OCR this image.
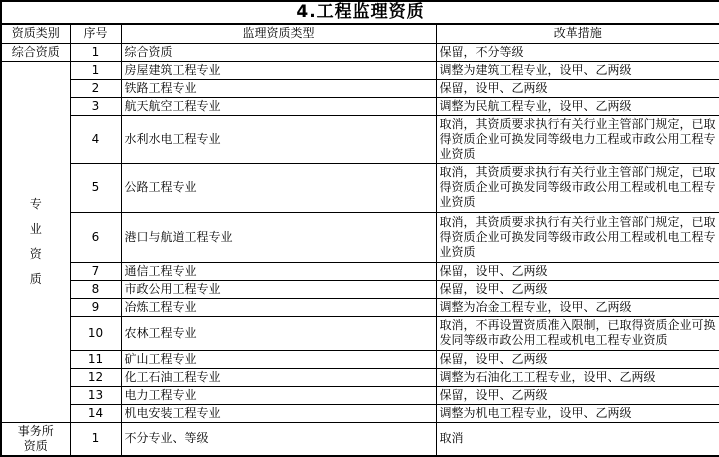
4.工程监理资质			
资质类别	序号	监理资质类型	改革措施
综合资质	1	综合资质	保留，不分等级

专业资质	1	房屋建筑工程专业	调整为建筑工程专业，设甲、乙两级
	2	铁路工程专业	保留，设甲、乙两级
	3	航天航空工程专业	调整为民航工程专业，设甲、乙两级
	4	水利水电工程专业	取消，其资质要求执行有关行业主管部门规定，已取得资质企业可换发同等级电力工程或市政公用工程专业资质
	5	公路工程专业	取消，其资质要求执行有关行业主管部门规定，已取得资质企业可换发同等级市政公用工程或机电工程专业资质
	6	港口与航道工程专业	取消，其资质要求执行有关行业主管部门规定，已取得资质企业可换发同等级市政公用工程或机电工程专业资质
	7	通信工程专业	保留，设甲、乙两级
	8	市政公用工程专业	保留，设甲、乙两级
	9	冶炼工程专业	调整为冶金工程专业，设甲、乙两级
	10	农林工程专业	取消，不再设置资质准入限制，已取得资质企业可换发同等级市政公用工程或机电工程专业资质
	11	矿山工程专业	保留，设甲、乙两级
	12	化工石油工程专业	调整为石油化工工程专业，设甲、乙两级
	13	电力工程专业	保留，设甲、乙两级
	14	机电安装工程专业	调整为机电工程专业，设甲、乙两级

事务所资质	1	不分专业、等级	取消
